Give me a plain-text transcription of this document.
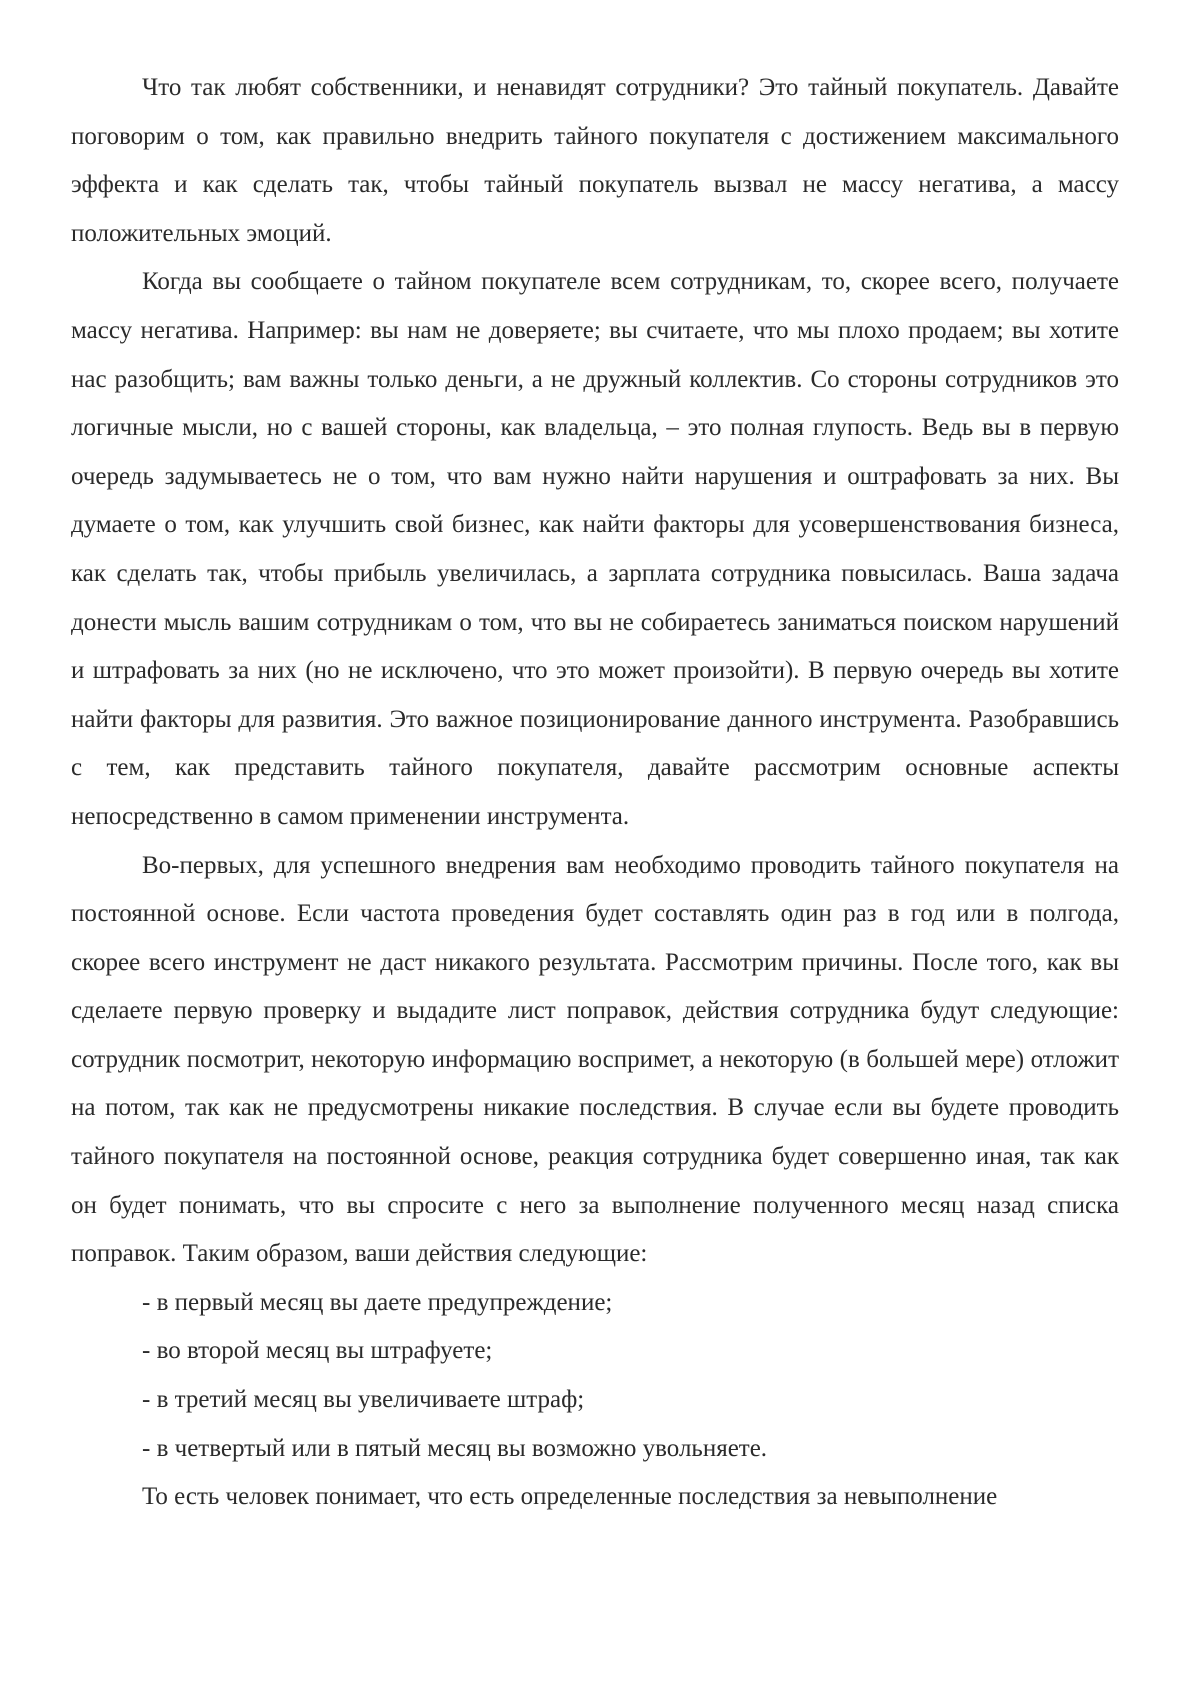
Что так любят собственники, и ненавидят сотрудники? Это тайный покупатель. Давайте поговорим о том, как правильно внедрить тайного покупателя с достижением максимального эффекта и как сделать так, чтобы тайный покупатель вызвал не массу негатива, а массу положительных эмоций.

Когда вы сообщаете о тайном покупателе всем сотрудникам, то, скорее всего, получаете массу негатива. Например: вы нам не доверяете; вы считаете, что мы плохо продаем; вы хотите нас разобщить; вам важны только деньги, а не дружный коллектив. Со стороны сотрудников это логичные мысли, но с вашей стороны, как владельца, – это полная глупость. Ведь вы в первую очередь задумываетесь не о том, что вам нужно найти нарушения и оштрафовать за них. Вы думаете о том, как улучшить свой бизнес, как найти факторы для усовершенствования бизнеса, как сделать так, чтобы прибыль увеличилась, а зарплата сотрудника повысилась. Ваша задача донести мысль вашим сотрудникам о том, что вы не собираетесь заниматься поиском нарушений и штрафовать за них (но не исключено, что это может произойти). В первую очередь вы хотите найти факторы для развития. Это важное позиционирование данного инструмента. Разобравшись с тем, как представить тайного покупателя, давайте рассмотрим основные аспекты непосредственно в самом применении инструмента.

Во-первых, для успешного внедрения вам необходимо проводить тайного покупателя на постоянной основе. Если частота проведения будет составлять один раз в год или в полгода, скорее всего инструмент не даст никакого результата. Рассмотрим причины. После того, как вы сделаете первую проверку и выдадите лист поправок, действия сотрудника будут следующие: сотрудник посмотрит, некоторую информацию воспримет, а некоторую (в большей мере) отложит на потом, так как не предусмотрены никакие последствия. В случае если вы будете проводить тайного покупателя на постоянной основе, реакция сотрудника будет совершенно иная, так как он будет понимать, что вы спросите с него за выполнение полученного месяц назад списка поправок. Таким образом, ваши действия следующие:

- в первый месяц вы даете предупреждение;

- во второй месяц вы штрафуете;

- в третий месяц вы увеличиваете штраф;

- в четвертый или в пятый месяц вы возможно увольняете.

То есть человек понимает, что есть определенные последствия за невыполнение
